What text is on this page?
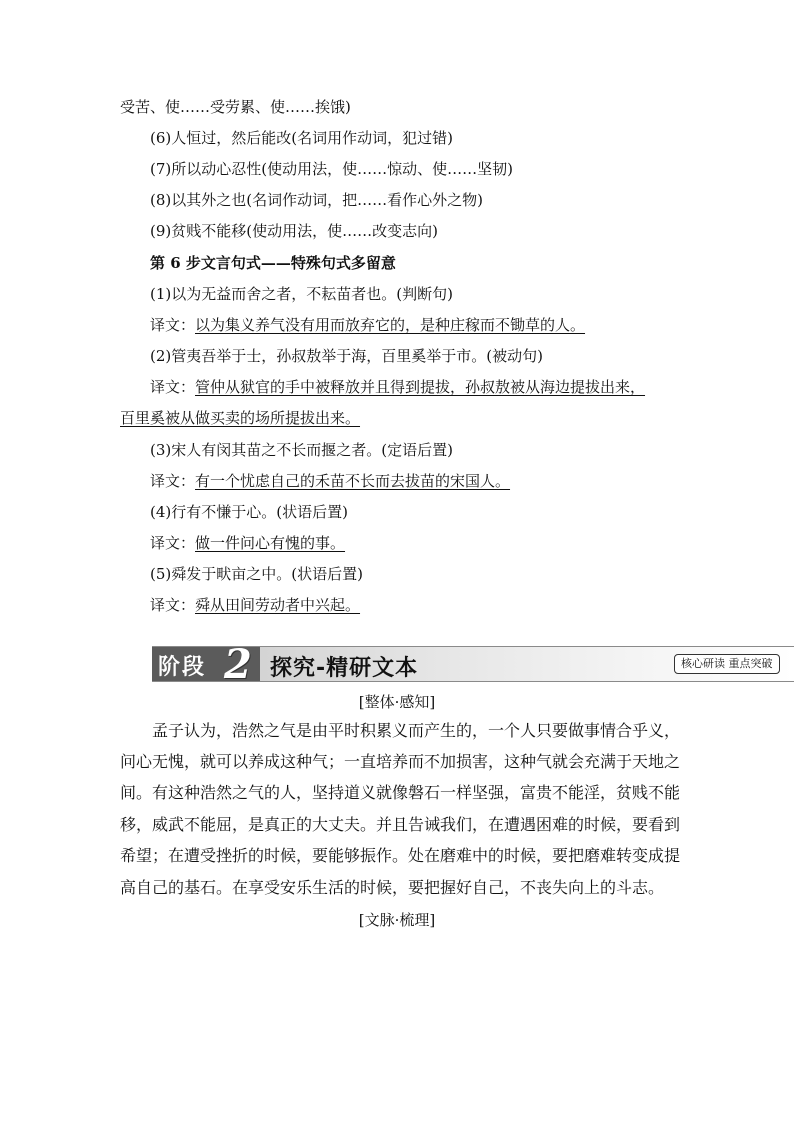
受苦、使……受劳累、使……挨饿)
(6)人恒过，然后能改(名词用作动词，犯过错)
(7)所以动心忍性(使动用法，使……惊动、使……坚韧)
(8)以其外之也(名词作动词，把……看作心外之物)
(9)贫贱不能移(使动用法，使……改变志向)
第 6 步文言句式——特殊句式多留意
(1)以为无益而舍之者，不耘苗者也。(判断句)
译文：以为集义养气没有用而放弃它的，是种庄稼而不锄草的人。
(2)管夷吾举于士，孙叔敖举于海，百里奚举于市。(被动句)
译文：管仲从狱官的手中被释放并且得到提拔，孙叔敖被从海边提拔出来，
百里奚被从做买卖的场所提拔出来。
(3)宋人有闵其苗之不长而揠之者。(定语后置)
译文：有一个忧虑自己的禾苗不长而去拔苗的宋国人。
(4)行有不慊于心。(状语后置)
译文：做一件问心有愧的事。
(5)舜发于畎亩之中。(状语后置)
译文：舜从田间劳动者中兴起。
阶段 2 探究-精研文本	核心研读 重点突破
[整体·感知]
　　孟子认为，浩然之气是由平时积累义而产生的，一个人只要做事情合乎义，
问心无愧，就可以养成这种气；一直培养而不加损害，这种气就会充满于天地之
间。有这种浩然之气的人，坚持道义就像磐石一样坚强，富贵不能淫，贫贱不能
移，威武不能屈，是真正的大丈夫。并且告诫我们，在遭遇困难的时候，要看到
希望；在遭受挫折的时候，要能够振作。处在磨难中的时候，要把磨难转变成提
高自己的基石。在享受安乐生活的时候，要把握好自己，不丧失向上的斗志。
[文脉·梳理]
